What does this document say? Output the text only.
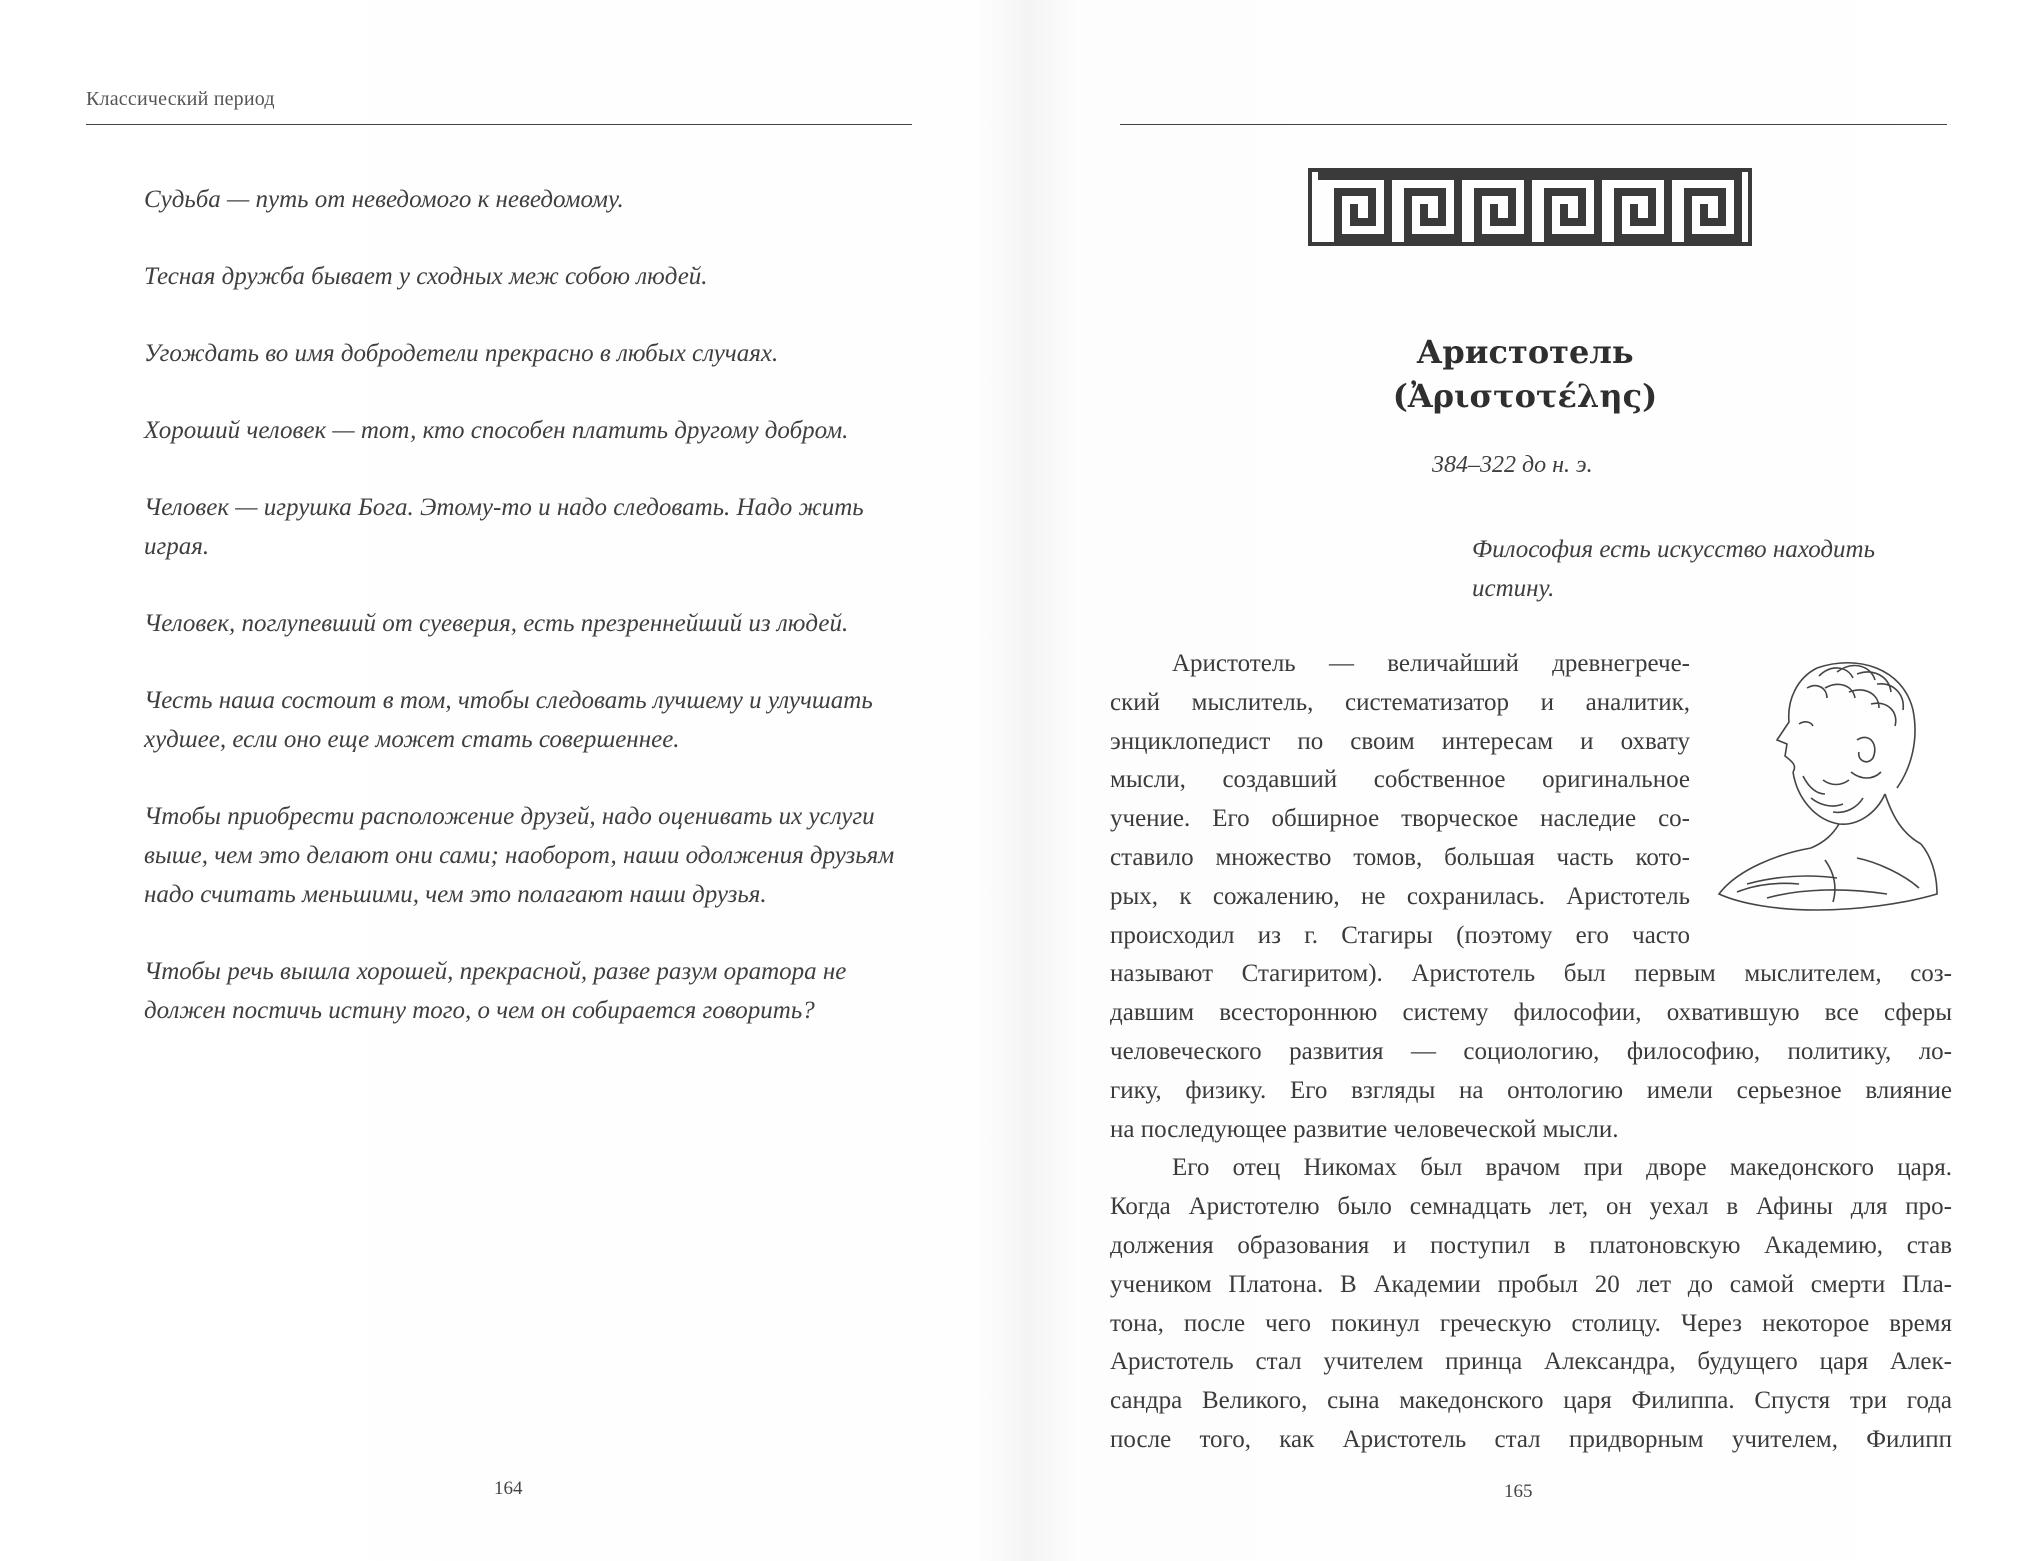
Классический период

Судьба — путь от неведомого к неведомому.

Тесная дружба бывает у сходных меж собою людей.

Угождать во имя добродетели прекрасно в любых случаях.

Хороший человек — тот, кто способен платить другому добром.

Человек — игрушка Бога. Этому-то и надо следовать. Надо жить играя.

Человек, поглупевший от суеверия, есть презреннейший из людей.

Честь наша состоит в том, чтобы следовать лучшему и улучшать худшее, если оно еще может стать совершеннее.

Чтобы приобрести расположение друзей, надо оценивать их услуги выше, чем это делают они сами; наоборот, наши одолжения друзьям надо считать меньшими, чем это полагают наши друзья.

Чтобы речь вышла хорошей, прекрасной, разве разум оратора не должен постичь истину того, о чем он собирается говорить?

164
Аристотель
(Ἀριστοτέλης)
384–322 до н. э.
Философия есть искусство находить истину.
Аристотель — величайший древнегрече-
ский мыслитель, систематизатор и аналитик,
энциклопедист по своим интересам и охвату
мысли, создавший собственное оригинальное
учение. Его обширное творческое наследие со-
ставило множество томов, большая часть кото-
рых, к сожалению, не сохранилась. Аристотель
происходил из г. Стагиры (поэтому его часто
называют Стагиритом). Аристотель был первым мыслителем, соз-
давшим всестороннюю систему философии, охватившую все сферы
человеческого развития — социологию, философию, политику, ло-
гику, физику. Его взгляды на онтологию имели серьезное влияние
на последующее развитие человеческой мысли.
Его отец Никомах был врачом при дворе македонского царя.
Когда Аристотелю было семнадцать лет, он уехал в Афины для про-
должения образования и поступил в платоновскую Академию, став
учеником Платона. В Академии пробыл 20 лет до самой смерти Пла-
тона, после чего покинул греческую столицу. Через некоторое время
Аристотель стал учителем принца Александра, будущего царя Алек-
сандра Великого, сына македонского царя Филиппа. Спустя три года
после того, как Аристотель стал придворным учителем, Филипп
165
